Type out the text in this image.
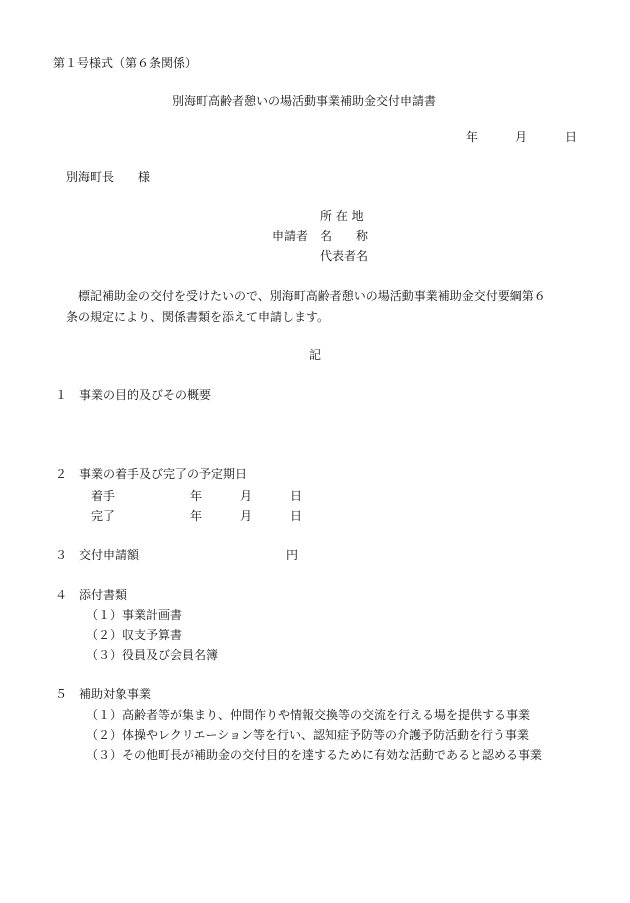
第１号様式（第６条関係）
別海町高齢者憩いの場活動事業補助金交付申請書
年	月	日
別海町長　　様
所 在 地
申請者 名　　称
代表者名
　標記補助金の交付を受けたいので、別海町高齢者憩いの場活動事業補助金交付要綱第６
条の規定により、関係書類を添えて申請します。
記
１ 事業の目的及びその概要
２ 事業の着手及び完了の予定期日
着手	年	月	日
完了	年	月	日
３ 交付申請額	円
４ 添付書類
（１）事業計画書
（２）収支予算書
（３）役員及び会員名簿
５ 補助対象事業
（１）高齢者等が集まり、仲間作りや情報交換等の交流を行える場を提供する事業
（２）体操やレクリエーション等を行い、認知症予防等の介護予防活動を行う事業
（３）その他町長が補助金の交付目的を達するために有効な活動であると認める事業
